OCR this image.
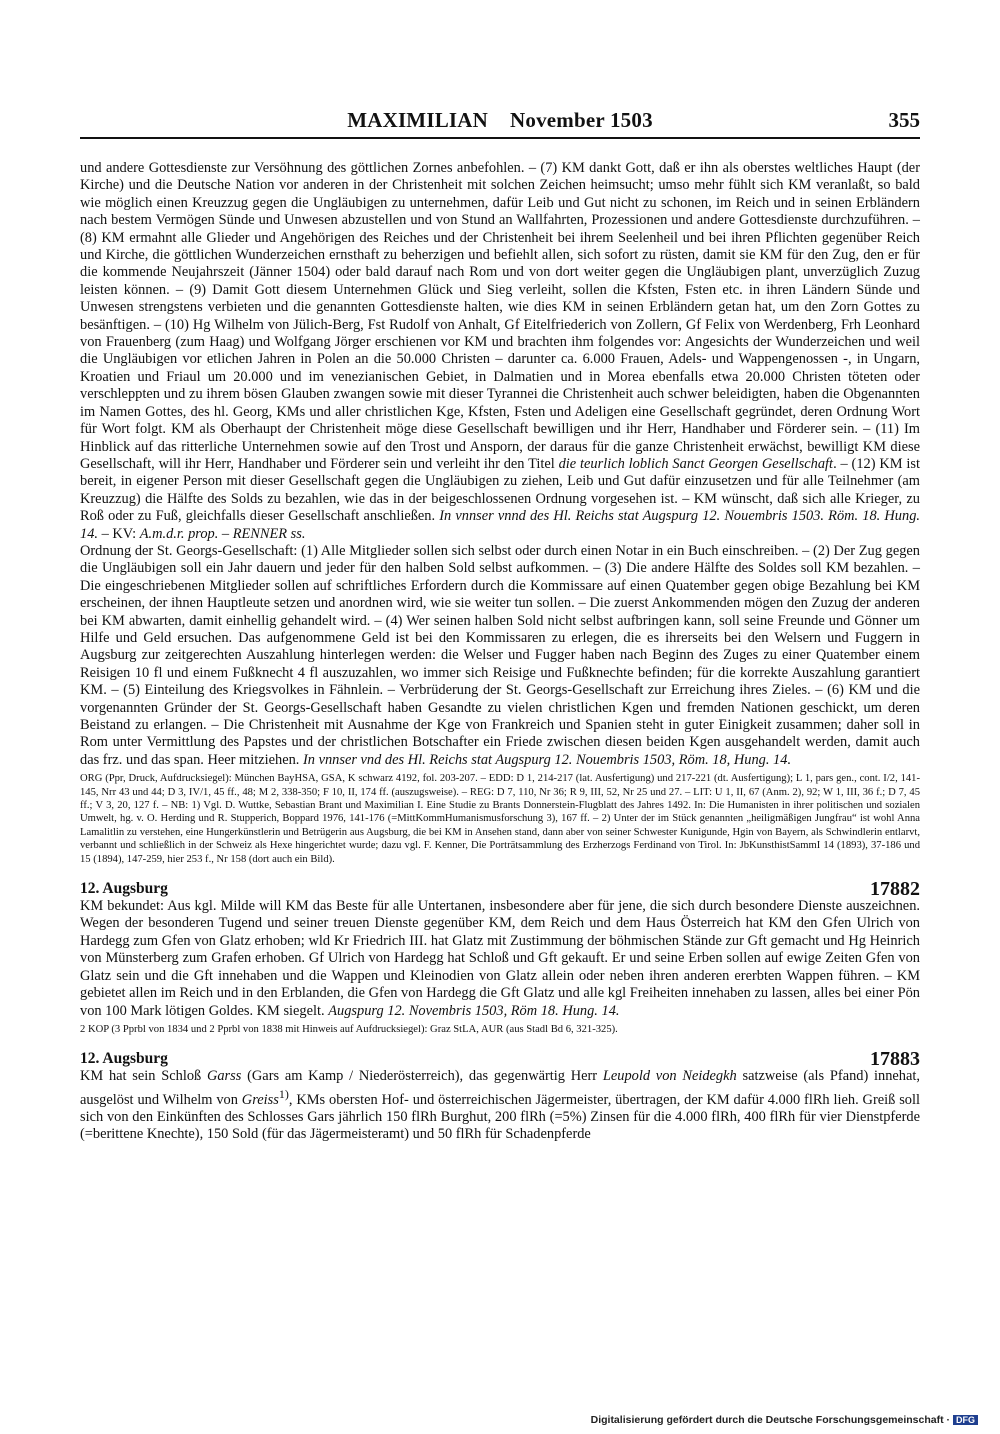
MAXIMILIAN November 1503	355

und andere Gottesdienste zur Versöhnung des göttlichen Zornes anbefohlen. – (7) KM dankt Gott, daß er ihn als oberstes weltliches Haupt (der Kirche) und die Deutsche Nation vor anderen in der Christenheit mit solchen Zeichen heimsucht; umso mehr fühlt sich KM veranlaßt, so bald wie möglich einen Kreuzzug gegen die Ungläubigen zu unternehmen, dafür Leib und Gut nicht zu schonen, im Reich und in seinen Erbländern nach bestem Vermögen Sünde und Unwesen abzustellen und von Stund an Wallfahrten, Prozessionen und andere Gottesdienste durchzuführen. – (8) KM ermahnt alle Glieder und Angehörigen des Reiches und der Christenheit bei ihrem Seelenheil und bei ihren Pflichten gegenüber Reich und Kirche, die göttlichen Wunderzeichen ernsthaft zu beherzigen und befiehlt allen, sich sofort zu rüsten, damit sie KM für den Zug, den er für die kommende Neujahrszeit (Jänner 1504) oder bald darauf nach Rom und von dort weiter gegen die Ungläubigen plant, unverzüglich Zuzug leisten können. – (9) Damit Gott diesem Unternehmen Glück und Sieg verleiht, sollen die Kfsten, Fsten etc. in ihren Ländern Sünde und Unwesen strengstens verbieten und die genannten Gottesdienste halten, wie dies KM in seinen Erbländern getan hat, um den Zorn Gottes zu besänftigen. – (10) Hg Wilhelm von Jülich-Berg, Fst Rudolf von Anhalt, Gf Eitelfriederich von Zollern, Gf Felix von Werdenberg, Frh Leonhard von Frauenberg (zum Haag) und Wolfgang Jörger erschienen vor KM und brachten ihm folgendes vor: Angesichts der Wunderzeichen und weil die Ungläubigen vor etlichen Jahren in Polen an die 50.000 Christen – darunter ca. 6.000 Frauen, Adels- und Wappengenossen -, in Ungarn, Kroatien und Friaul um 20.000 und im venezianischen Gebiet, in Dalmatien und in Morea ebenfalls etwa 20.000 Christen töteten oder verschleppten und zu ihrem bösen Glauben zwangen sowie mit dieser Tyrannei die Christenheit auch schwer beleidigten, haben die Obgenannten im Namen Gottes, des hl. Georg, KMs und aller christlichen Kge, Kfsten, Fsten und Adeligen eine Gesellschaft gegründet, deren Ordnung Wort für Wort folgt. KM als Oberhaupt der Christenheit möge diese Gesellschaft bewilligen und ihr Herr, Handhaber und Förderer sein. – (11) Im Hinblick auf das ritterliche Unternehmen sowie auf den Trost und Ansporn, der daraus für die ganze Christenheit erwächst, bewilligt KM diese Gesellschaft, will ihr Herr, Handhaber und Förderer sein und verleiht ihr den Titel die teurlich loblich Sanct Georgen Gesellschaft. – (12) KM ist bereit, in eigener Person mit dieser Gesellschaft gegen die Ungläubigen zu ziehen, Leib und Gut dafür einzusetzen und für alle Teilnehmer (am Kreuzzug) die Hälfte des Solds zu bezahlen, wie das in der beigeschlossenen Ordnung vorgesehen ist. – KM wünscht, daß sich alle Krieger, zu Roß oder zu Fuß, gleichfalls dieser Gesellschaft anschließen. In vnnser vnnd des Hl. Reichs stat Augspurg 12. Nouembris 1503. Röm. 18. Hung. 14. – KV: A.m.d.r. prop. – RENNER ss.

Ordnung der St. Georgs-Gesellschaft: (1) Alle Mitglieder sollen sich selbst oder durch einen Notar in ein Buch einschreiben. – (2) Der Zug gegen die Ungläubigen soll ein Jahr dauern und jeder für den halben Sold selbst aufkommen. – (3) Die andere Hälfte des Soldes soll KM bezahlen. – Die eingeschriebenen Mitglieder sollen auf schriftliches Erfordern durch die Kommissare auf einen Quatember gegen obige Bezahlung bei KM erscheinen, der ihnen Hauptleute setzen und anordnen wird, wie sie weiter tun sollen. – Die zuerst Ankommenden mögen den Zuzug der anderen bei KM abwarten, damit einhellig gehandelt wird. – (4) Wer seinen halben Sold nicht selbst aufbringen kann, soll seine Freunde und Gönner um Hilfe und Geld ersuchen. Das aufgenommene Geld ist bei den Kommissaren zu erlegen, die es ihrerseits bei den Welsern und Fuggern in Augsburg zur zeitgerechten Auszahlung hinterlegen werden: die Welser und Fugger haben nach Beginn des Zuges zu einer Quatember einem Reisigen 10 fl und einem Fußknecht 4 fl auszuzahlen, wo immer sich Reisige und Fußknechte befinden; für die korrekte Auszahlung garantiert KM. – (5) Einteilung des Kriegsvolkes in Fähnlein. – Verbrüderung der St. Georgs-Gesellschaft zur Erreichung ihres Zieles. – (6) KM und die vorgenannten Gründer der St. Georgs-Gesellschaft haben Gesandte zu vielen christlichen Kgen und fremden Nationen geschickt, um deren Beistand zu erlangen. – Die Christenheit mit Ausnahme der Kge von Frankreich und Spanien steht in guter Einigkeit zusammen; daher soll in Rom unter Vermittlung des Papstes und der christlichen Botschafter ein Friede zwischen diesen beiden Kgen ausgehandelt werden, damit auch das frz. und das span. Heer mitziehen. In vnnser vnd des Hl. Reichs stat Augspurg 12. Nouembris 1503, Röm. 18, Hung. 14.

ORG (Ppr, Druck, Aufdrucksiegel): München BayHSA, GSA, K schwarz 4192, fol. 203-207. – EDD: D 1, 214-217 (lat. Ausfertigung) und 217-221 (dt. Ausfertigung); L 1, pars gen., cont. I/2, 141-145, Nrr 43 und 44; D 3, IV/1, 45 ff., 48; M 2, 338-350; F 10, II, 174 ff. (auszugsweise). – REG: D 7, 110, Nr 36; R 9, III, 52, Nr 25 und 27. – LIT: U 1, II, 67 (Anm. 2), 92; W 1, III, 36 f.; D 7, 45 ff.; V 3, 20, 127 f. – NB: 1) Vgl. D. Wuttke, Sebastian Brant und Maximilian I. Eine Studie zu Brants Donnerstein-Flugblatt des Jahres 1492. In: Die Humanisten in ihrer politischen und sozialen Umwelt, hg. v. O. Herding und R. Stupperich, Boppard 1976, 141-176 (=MittKommHumanismusforschung 3), 167 ff. – 2) Unter der im Stück genannten „heiligmäßigen Jungfrau“ ist wohl Anna Lamalitlin zu verstehen, eine Hungerkünstlerin und Betrügerin aus Augsburg, die bei KM in Ansehen stand, dann aber von seiner Schwester Kunigunde, Hgin von Bayern, als Schwindlerin entlarvt, verbannt und schließlich in der Schweiz als Hexe hingerichtet wurde; dazu vgl. F. Kenner, Die Porträtsammlung des Erzherzogs Ferdinand von Tirol. In: JbKunsthistSammI 14 (1893), 37-186 und 15 (1894), 147-259, hier 253 f., Nr 158 (dort auch ein Bild).

12. Augsburg	17882

KM bekundet: Aus kgl. Milde will KM das Beste für alle Untertanen, insbesondere aber für jene, die sich durch besondere Dienste auszeichnen. Wegen der besonderen Tugend und seiner treuen Dienste gegenüber KM, dem Reich und dem Haus Österreich hat KM den Gfen Ulrich von Hardegg zum Gfen von Glatz erhoben; wld Kr Friedrich III. hat Glatz mit Zustimmung der böhmischen Stände zur Gft gemacht und Hg Heinrich von Münsterberg zum Grafen erhoben. Gf Ulrich von Hardegg hat Schloß und Gft gekauft. Er und seine Erben sollen auf ewige Zeiten Gfen von Glatz sein und die Gft innehaben und die Wappen und Kleinodien von Glatz allein oder neben ihren anderen ererbten Wappen führen. – KM gebietet allen im Reich und in den Erblanden, die Gfen von Hardegg die Gft Glatz und alle kgl Freiheiten innehaben zu lassen, alles bei einer Pön von 100 Mark lötigen Goldes. KM siegelt. Augspurg 12. Novembris 1503, Röm 18. Hung. 14.

2 KOP (3 Pprbl von 1834 und 2 Pprbl von 1838 mit Hinweis auf Aufdrucksiegel): Graz StLA, AUR (aus Stadl Bd 6, 321-325).

12. Augsburg	17883

KM hat sein Schloß Garss (Gars am Kamp / Niederösterreich), das gegenwärtig Herr Leupold von Neidegkh satzweise (als Pfand) innehat, ausgelöst und Wilhelm von Greiss$^{1)}$, KMs obersten Hof- und österreichischen Jägermeister, übertragen, der KM dafür 4.000 flRh lieh. Greiß soll sich von den Einkünften des Schlosses Gars jährlich 150 flRh Burghut, 200 flRh (=5%) Zinsen für die 4.000 flRh, 400 flRh für vier Dienstpferde (=berittene Knechte), 150 Sold (für das Jägermeisteramt) und 50 flRh für Schadenpferde

Digitalisierung gefördert durch die Deutsche Forschungsgemeinschaft · DFG
